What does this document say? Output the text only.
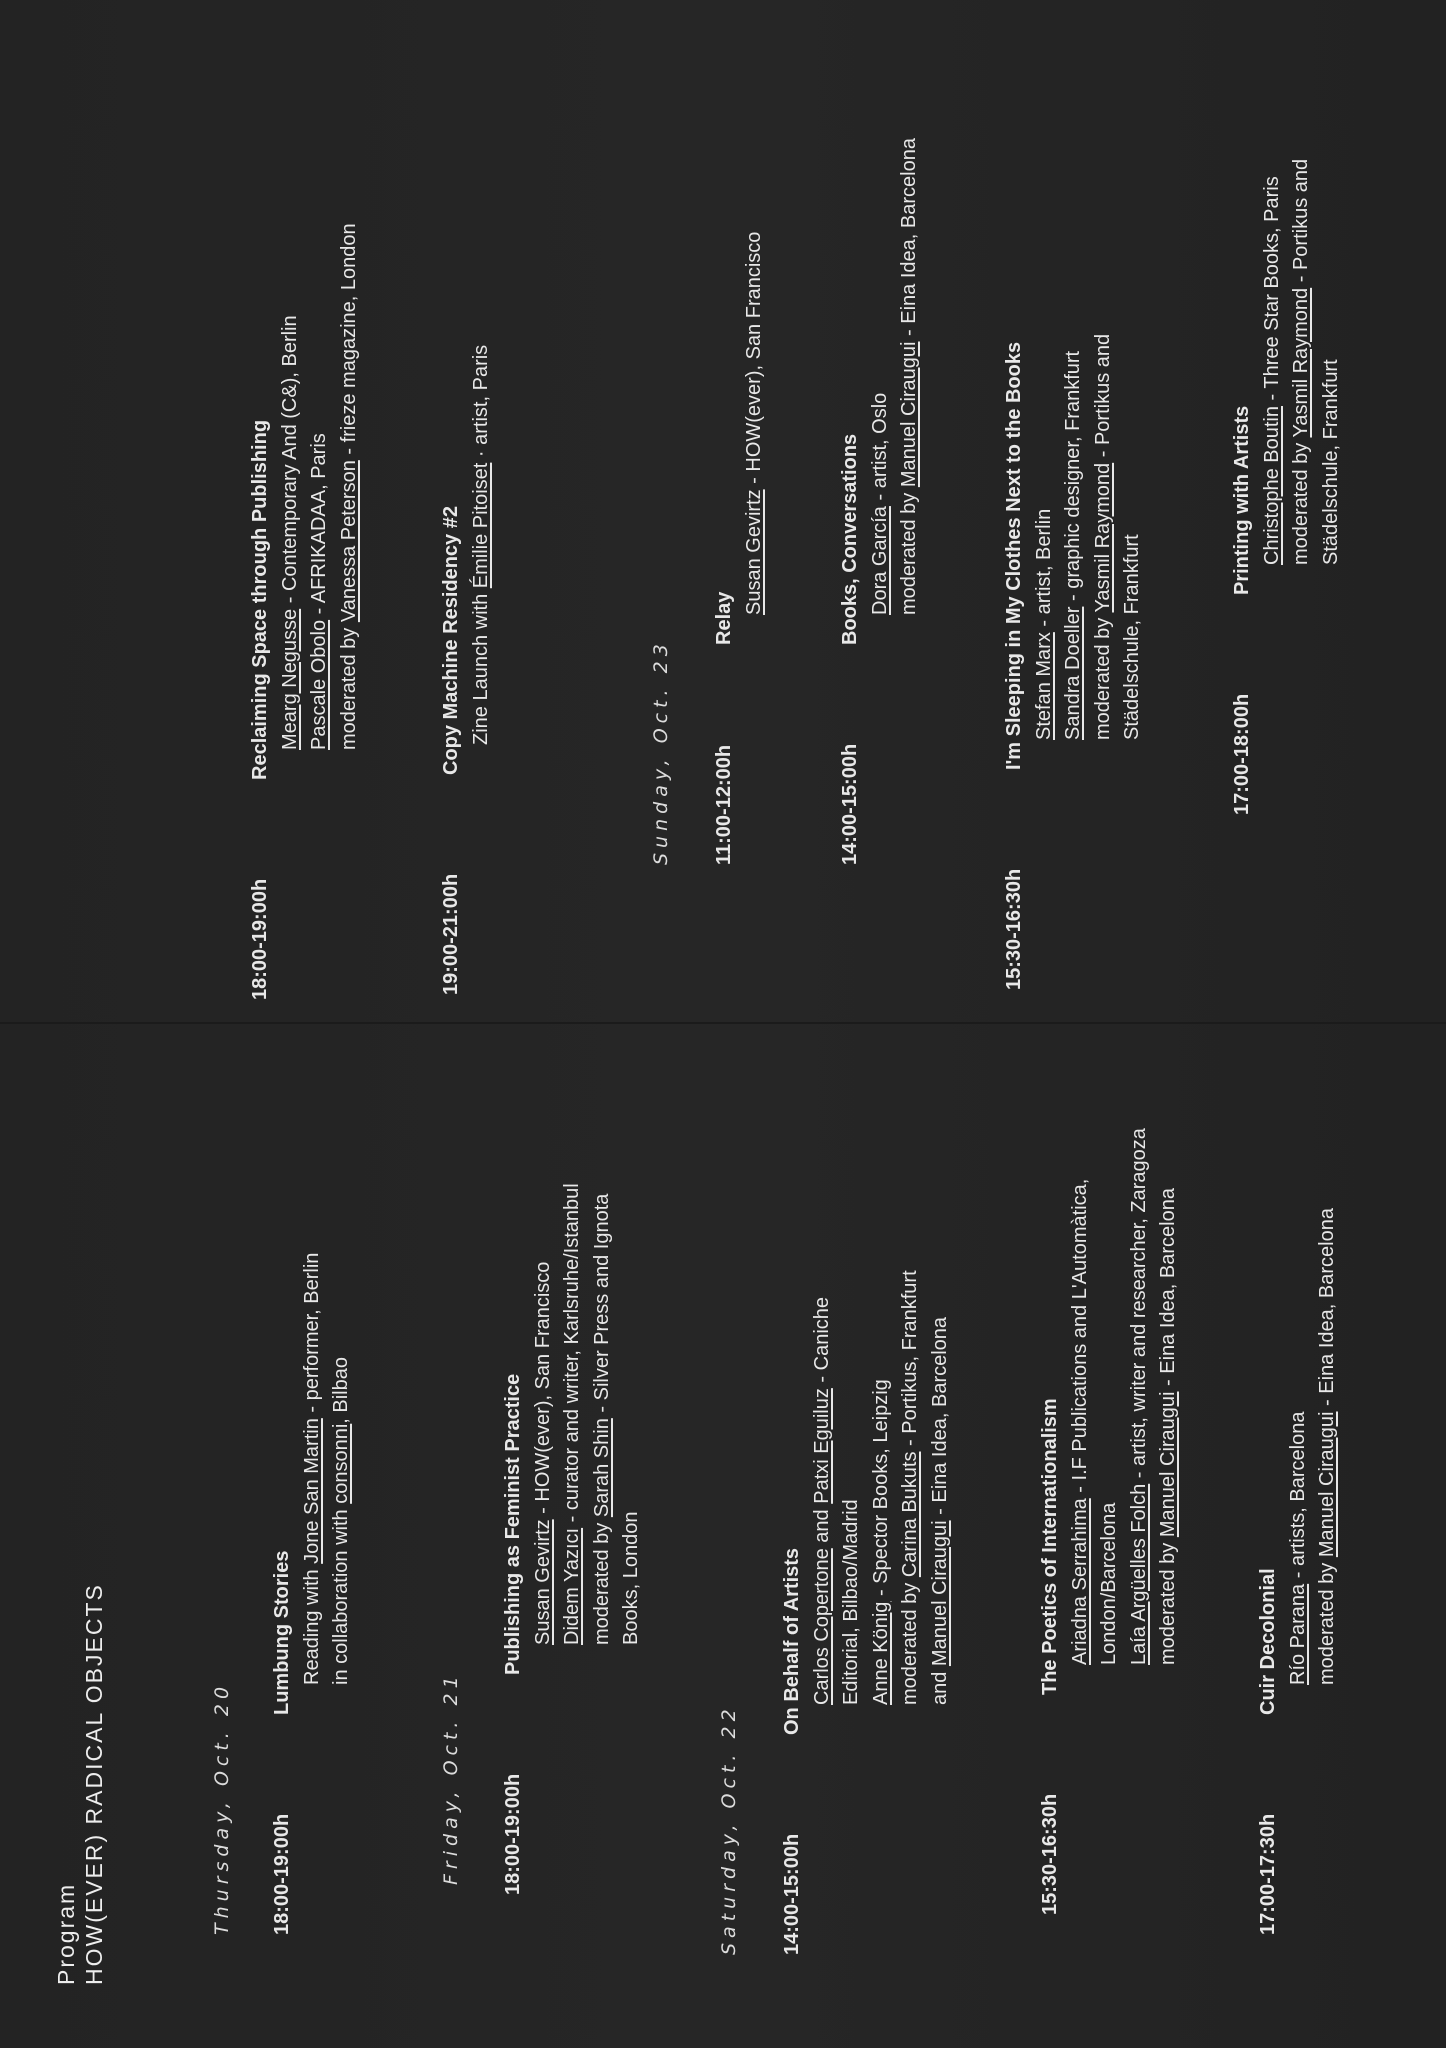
Program HOW(EVER) RADICAL OBJECTS	Thursday, Oct. 20 18:00-19:00h
Lumbung Stories Reading with Jone San Martin - performer, Berlin
in collaboration with consonni, Bilbao
Friday, Oct. 21 18:00-19:00h
Publishing as Feminist Practice Susan Gevirtz - HOW(ever), San Francisco
Didem Yazıcı - curator and writer, Karlsruhe/Istanbul
moderated by Sarah Shin - Silver Press and Ignota
Books, London
Saturday, Oct. 22 14:00-15:00h
On Behalf of Artists Carlos Copertone and Patxi Eguiluz - Caniche
Editorial, Bilbao/Madrid Anne König - Spector Books, Leipzig
moderated by Carina Bukuts - Portikus, Frankfurt
and Manuel Ciraugui - Eina Idea, Barcelona
15:30-16:30h
The Poetics of Internationalism Ariadna Serrahima - I.F Publications and L'Automàtica,
London/Barcelona Laía Argüelles Folch - artist, writer and researcher, Zaragoza
moderated by Manuel Ciraugui - Eina Idea, Barcelona
17:00-17:30h
Cuir Decolonial Río Parana - artists, Barcelona
moderated by Manuel Ciraugui - Eina Idea, Barcelona
18:00-19:00h
Reclaiming Space through Publishing Mearg Negusse - Contemporary And (C&), Berlin
Pascale Obolo - AFRIKADAA, Paris
moderated by Vanessa Peterson - frieze magazine, London
19:00-21:00h
Copy Machine Residency #2 Zine Launch with Émilie Pitoiset · artist, Paris
Sunday, Oct. 23 11:00-12:00h
Relay
Susan Gevirtz - HOW(ever), San Francisco
14:00-15:00h
Books, Conversations Dora García - artist, Oslo
moderated by Manuel Ciraugui - Eina Idea, Barcelona
15:30-16:30h
I'm Sleeping in My Clothes Next to the Books Stefan Marx - artist, Berlin
Sandra Doeller - graphic designer, Frankfurt
moderated by Yasmil Raymond - Portikus and
Städelschule, Frankfurt
17:00-18:00h
Printing with Artists Christophe Boutin - Three Star Books, Paris
moderated by Yasmil Raymond - Portikus and
Städelschule, Frankfurt
